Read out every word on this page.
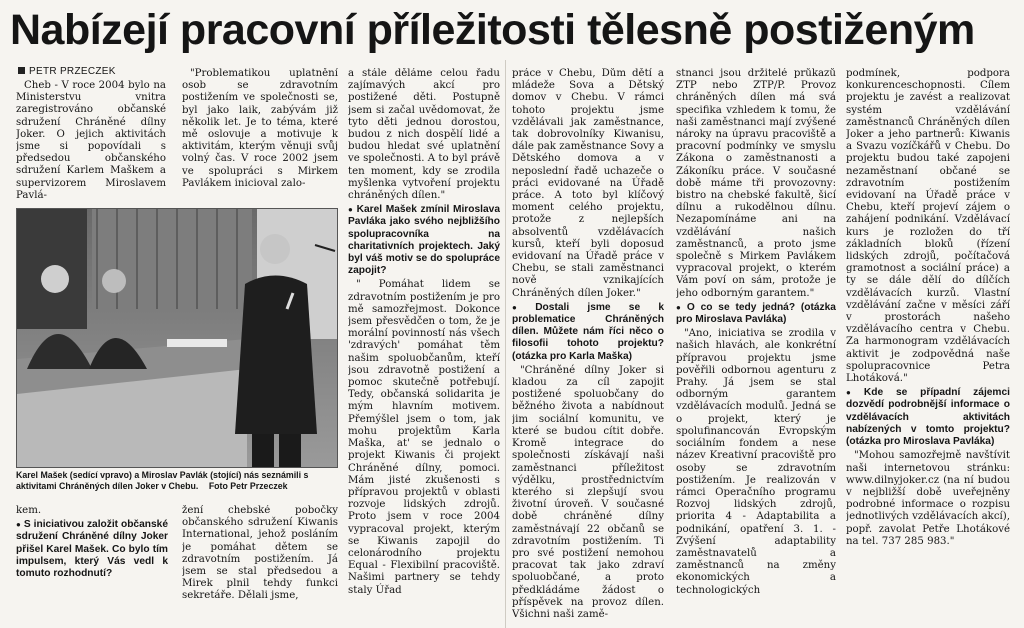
Nabízejí pracovní příležitosti tělesně postiženým
PETR PRZECZEK

Cheb - V roce 2004 bylo na Ministerstvu vnitra zaregistrováno občanské sdružení Chráněné dílny Joker. O jejich aktivitách jsme si popovídali s předsedou občanského sdružení Karlem Maškem a supervizorem Miroslavem Pavlá-

"Problematikou uplatnění osob se zdravotním postižením ve společnosti se, byl jako laik, zabývám již několik let. Je to téma, které mě oslovuje a motivuje k aktivitám, kterým věnuji svůj volný čas. V roce 2002 jsem ve spolupráci s Mirkem Pavlákem inicioval zalo-

Karel Mašek (sedící vpravo) a Miroslav Pavlák (stojící) nás seznámili s aktivitami Chráněných dílen Joker v Chebu. Foto Petr Przeczek

kem.

● S iniciativou založit občanské sdružení Chráněné dílny Joker přišel Karel Mašek. Co bylo tím impulsem, který Vás vedl k tomuto rozhodnutí?

žení chebské pobočky občanského sdružení Kiwanis International, jehož posláním je pomáhat dětem se zdravotním postižením. Já jsem se stal předsedou a Mirek plnil tehdy funkci sekretáře. Dělali jsme,

a stále děláme celou řadu zajímavých akcí pro postižené děti. Postupně jsem si začal uvědomovat, že tyto děti jednou dorostou, budou z nich dospělí lidé a budou hledat své uplatnění ve společnosti. A to byl právě ten moment, kdy se zrodila myšlenka vytvoření projektu chráněných dílen."

● Karel Mašek zmínil Miroslava Pavláka jako svého nejbližšího spolupracovníka na charitativních projektech. Jaký byl váš motiv se do spolupráce zapojit?

" Pomáhat lidem se zdravotním postižením je pro mě samozřejmost. Dokonce jsem přesvědčen o tom, že je morální povinností nás všech 'zdravých' pomáhat těm našim spoluobčanům, kteří jsou zdravotně postižení a pomoc skutečně potřebují. Tedy, občanská solidarita je mým hlavním motivem. Přemýšlel jsem o tom, jak mohu projektům Karla Maška, at' se jednalo o projekt Kiwanis či projekt Chráněné dílny, pomoci. Mám jisté zkušenosti s přípravou projektů v oblasti rozvoje lidských zdrojů. Proto jsem v roce 2004 vypracoval projekt, kterým se Kiwanis zapojil do celonárodního projektu Equal - Flexibilní pracoviště. Našimi partnery se tehdy staly Úřad

práce v Chebu, Dům dětí a mládeže Sova a Dětský domov v Chebu. V rámci tohoto projektu jsme vzdělávali jak zaměstnance, tak dobrovolníky Kiwanisu, dále pak zaměstnance Sovy a Dětského domova a v neposlední řadě uchazeče o práci evidované na Úřadě práce. A toto byl klíčový moment celého projektu, protože z nejlepších absolventů vzdělávacích kursů, kteří byli doposud evidovaní na Úřadě práce v Chebu, se stali zaměstnanci nově vznikajících Chráněných dílen Joker."

● Dostali jsme se k problematice Chráněných dílen. Můžete nám říci něco o filosofii tohoto projektu? (otázka pro Karla Maška)

"Chráněné dílny Joker si kladou za cíl zapojit postižené spoluobčany do běžného života a nabídnout jim sociální komunitu, ve které se budou cítit dobře. Kromě integrace do společnosti získávají naši zaměstnanci příležitost výdělku, prostřednictvím kterého si zlepšují svou životní úroveň. V současné době chráněné dílny zaměstnávají 22 občanů se zdravotním postižením. Ti pro své postižení nemohou pracovat tak jako zdraví spoluobčané, a proto předkládáme žádost o příspěvek na provoz dílen. Všichni naši zamě-

stnanci jsou držitelé průkazů ZTP nebo ZTP/P. Provoz chráněných dílen má svá specifika vzhledem k tomu, že naši zaměstnanci mají zvýšené nároky na úpravu pracoviště a pracovní podmínky ve smyslu Zákona o zaměstnanosti a Zákoníku práce. V současné době máme tři provozovny: bistro na chebské fakultě, šicí dílnu a rukodělnou dílnu. Nezapomínáme ani na vzdělávání našich zaměstnanců, a proto jsme společně s Mirkem Pavlákem vypracoval projekt, o kterém Vám poví on sám, protože je jeho odborným garantem."

● O co se tedy jedná? (otázka pro Miroslava Pavláka)

"Ano, iniciativa se zrodila v našich hlavách, ale konkrétní přípravou projektu jsme pověřili odbornou agenturu z Prahy. Já jsem se stal odborným garantem vzdělávacích modulů. Jedná se o projekt, který je spolufinancován Evropským sociálním fondem a nese název Kreativní pracoviště pro osoby se zdravotním postižením. Je realizován v rámci Operačního programu Rozvoj lidských zdrojů, priorita 4 - Adaptabilita a podnikání, opatření 3. 1. - Zvýšení adaptability zaměstnavatelů a zaměstnanců na změny ekonomických a technologických

podmínek, podpora konkurenceschopnosti. Cílem projektu je zavést a realizovat systém vzdělávání zaměstnanců Chráněných dílen Joker a jeho partnerů: Kiwanis a Svazu vozíčkářů v Chebu. Do projektu budou také zapojeni nezaměstnaní občané se zdravotním postižením evidovaní na Úřadě práce v Chebu, kteří projeví zájem o zahájení podnikání. Vzdělávací kurs je rozložen do tří základních bloků (řízení lidských zdrojů, počítačová gramotnost a sociální práce) a ty se dále dělí do dílčích vzdělávacích kurzů. Vlastní vzdělávání začne v měsíci září v prostorách našeho vzdělávacího centra v Chebu. Za harmonogram vzdělávacích aktivit je zodpovědná naše spolupracovnice Petra Lhotáková."

● Kde se případní zájemci dozvědí podrobnější informace o vzdělávacích aktivitách nabízených v tomto projektu? (otázka pro Miroslava Pavláka)

"Mohou samozřejmě navštívit naši internetovou stránku: www.dilnyjoker.cz (na ní budou v nejbližší době uveřejněny podrobné informace o rozpisu jednotlivých vzdělávacích akcí), popř. zavolat Petře Lhotákové na tel. 737 285 983."
